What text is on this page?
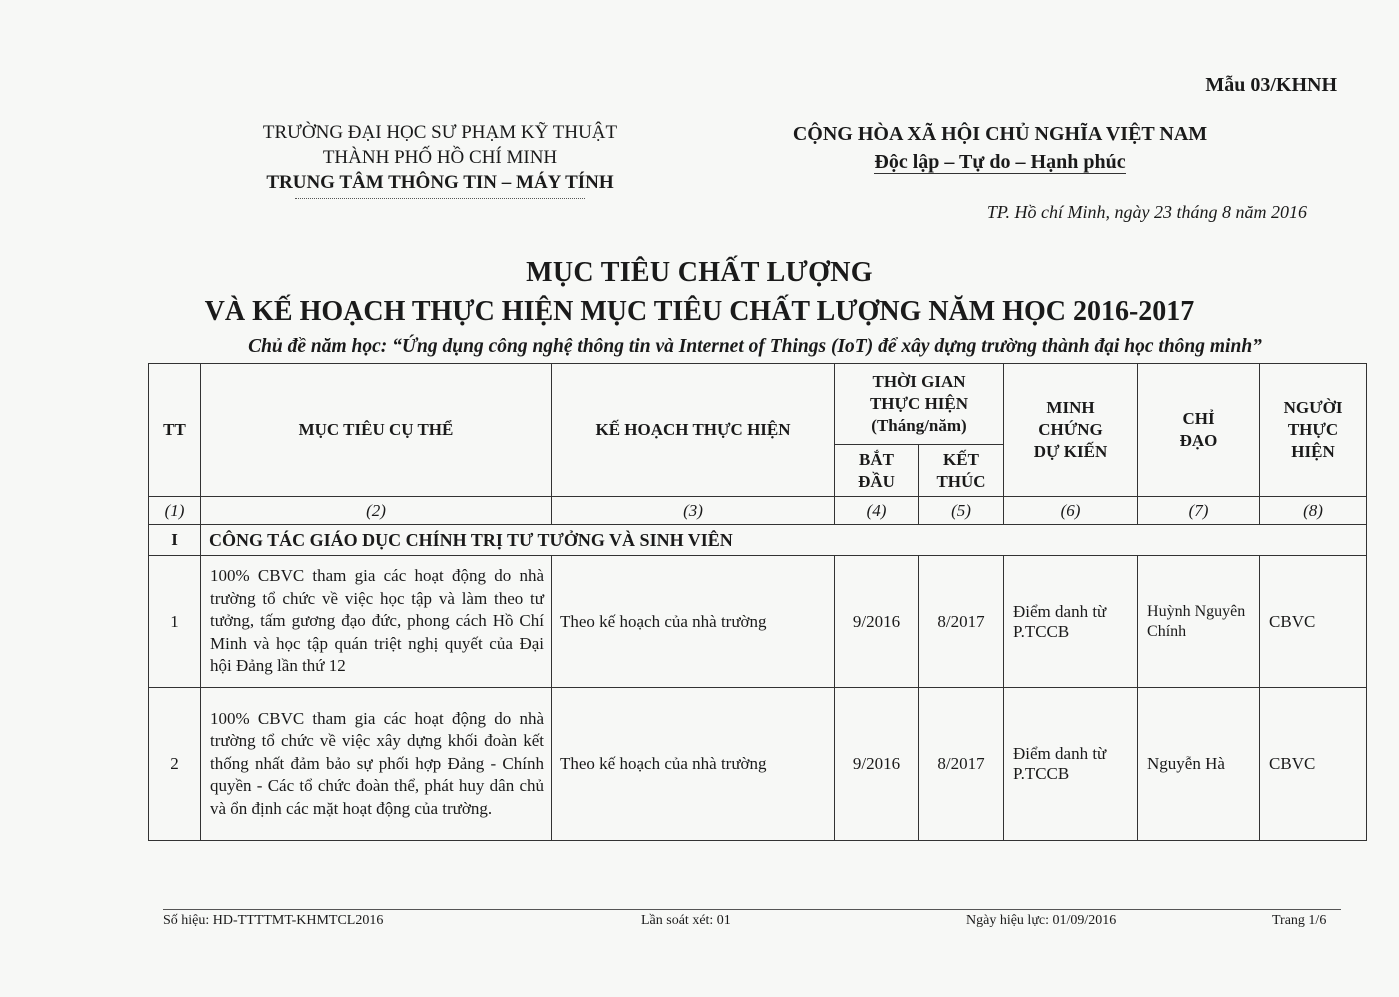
Mẫu 03/KHNH
TRƯỜNG ĐẠI HỌC SƯ PHẠM KỸ THUẬT
THÀNH PHỐ HỒ CHÍ MINH
TRUNG TÂM THÔNG TIN – MÁY TÍNH
CỘNG HÒA XÃ HỘI CHỦ NGHĨA VIỆT NAM
Độc lập – Tự do – Hạnh phúc
TP. Hồ chí Minh, ngày 23 tháng 8 năm 2016
MỤC TIÊU CHẤT LƯỢNG
VÀ KẾ HOẠCH THỰC HIỆN MỤC TIÊU CHẤT LƯỢNG NĂM HỌC 2016-2017
Chủ đề năm học: “Ứng dụng công nghệ thông tin và Internet of Things (IoT) để xây dựng trường thành đại học thông minh”
TT	MỤC TIÊU CỤ THỂ	KẾ HOẠCH THỰC HIỆN	THỜI GIAN THỰC HIỆN (Tháng/năm)		MINH CHỨNG DỰ KIẾN	CHỈ ĐẠO	NGƯỜI THỰC HIỆN
			BẮT ĐẦU	KẾT THÚC			
(1)	(2)	(3)	(4)	(5)	(6)	(7)	(8)
I	CÔNG TÁC GIÁO DỤC CHÍNH TRỊ TƯ TƯỞNG VÀ SINH VIÊN						
1	100% CBVC tham gia các hoạt động do nhà trường tổ chức về việc học tập và làm theo tư tưởng, tấm gương đạo đức, phong cách Hồ Chí Minh và học tập quán triệt nghị quyết của Đại hội Đảng lần thứ 12	Theo kế hoạch của nhà trường	9/2016	8/2017	Điểm danh từ P.TCCB	Huỳnh Nguyên Chính	CBVC
2	100% CBVC tham gia các hoạt động do nhà trường tổ chức về việc xây dựng khối đoàn kết thống nhất đảm bảo sự phối hợp Đảng - Chính quyền - Các tổ chức đoàn thể, phát huy dân chủ và ổn định các mặt hoạt động của trường.	Theo kế hoạch của nhà trường	9/2016	8/2017	Điểm danh từ P.TCCB	Nguyễn Hà	CBVC
Số hiệu: HD-TTTTMT-KHMTCL2016	Lần soát xét: 01	Ngày hiệu lực: 01/09/2016	Trang 1/6
